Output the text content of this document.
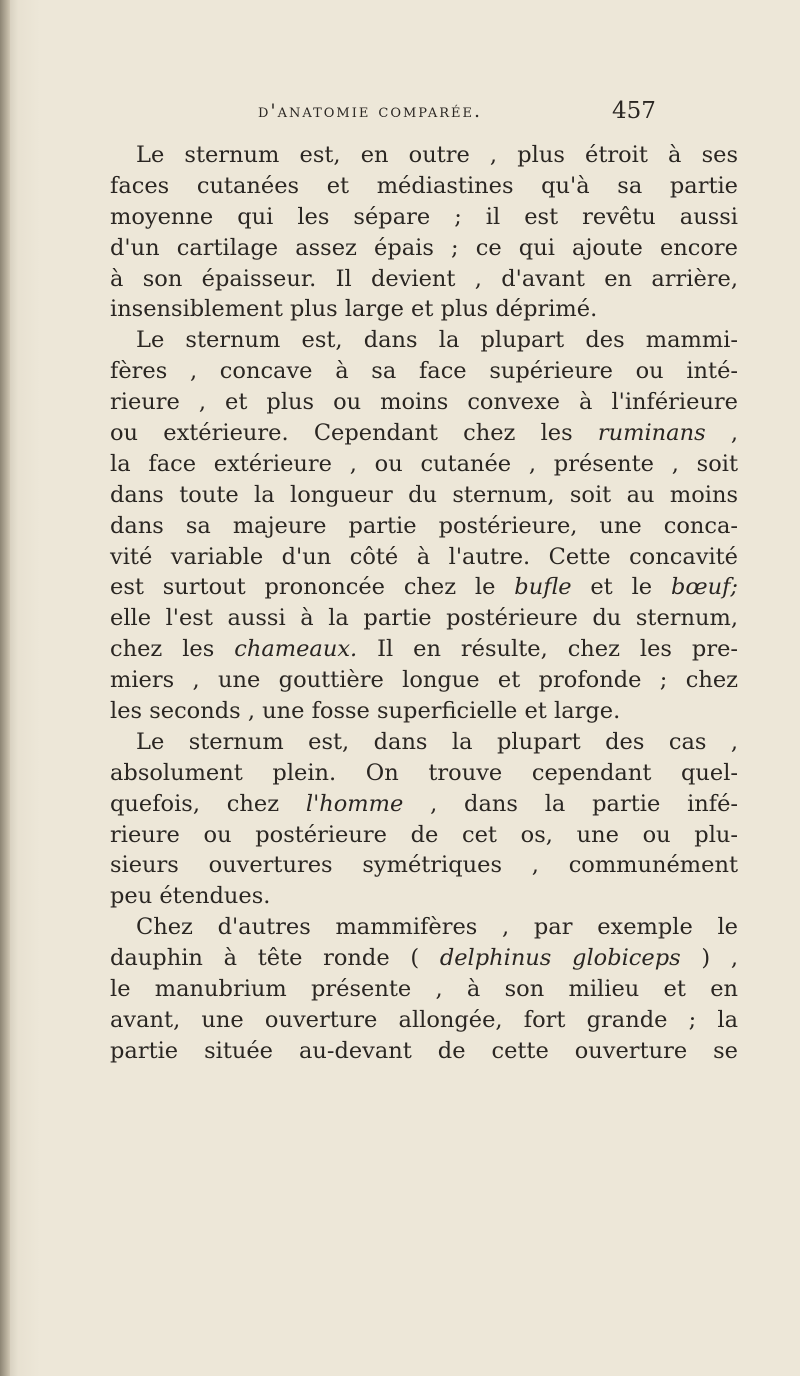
d'anatomie comparée.	457
Le sternum est, en outre , plus étroit à ses
faces cutanées et médiastines qu'à sa partie
moyenne qui les sépare ; il est revêtu aussi
d'un cartilage assez épais ; ce qui ajoute encore
à son épaisseur. Il devient , d'avant en arrière,
insensiblement plus large et plus déprimé.
Le sternum est, dans la plupart des mammi-
fères , concave à sa face supérieure ou inté-
rieure , et plus ou moins convexe à l'inférieure
ou extérieure. Cependant chez les ruminans ,
la face extérieure , ou cutanée , présente , soit
dans toute la longueur du sternum, soit au moins
dans sa majeure partie postérieure, une conca-
vité variable d'un côté à l'autre. Cette concavité
est surtout prononcée chez le bufle et le bœuf;
elle l'est aussi à la partie postérieure du sternum,
chez les chameaux. Il en résulte, chez les pre-
miers , une gouttière longue et profonde ; chez
les seconds , une fosse superficielle et large.
Le sternum est, dans la plupart des cas ,
absolument plein. On trouve cependant quel-
quefois, chez l'homme , dans la partie infé-
rieure ou postérieure de cet os, une ou plu-
sieurs ouvertures symétriques , communément
peu étendues.
Chez d'autres mammifères , par exemple le
dauphin à tête ronde ( delphinus globiceps ) ,
le manubrium présente , à son milieu et en
avant, une ouverture allongée, fort grande ; la
partie située au-devant de cette ouverture se
